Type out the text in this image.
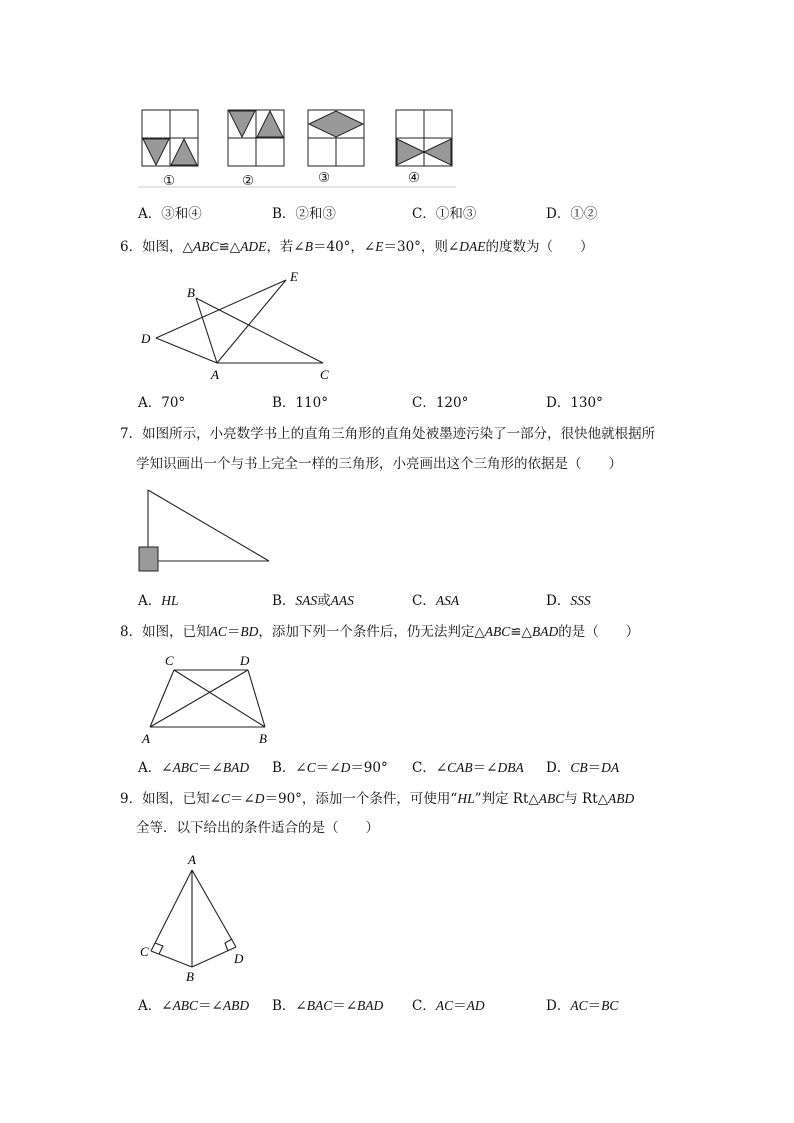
①	②	③	④
A．③和④	B．②和③	C．①和③	D．①②
6．如图，△ABC≌△ADE，若∠B＝40°，∠E＝30°，则∠DAE的度数为（　　）
B
E
D
A	C
A．70°	B．110°	C．120°	D．130°
7．如图所示，小亮数学书上的直角三角形的直角处被墨迹污染了一部分，很快他就根据所
学知识画出一个与书上完全一样的三角形，小亮画出这个三角形的依据是（　　）
A．HL	B．SAS或AAS	C．ASA	D．SSS
8．如图，已知AC＝BD，添加下列一个条件后，仍无法判定△ABC≌△BAD的是（　　）
C	D
A	B
A．∠ABC＝∠BAD B．∠C＝∠D＝90° C．∠CAB＝∠DBA D．CB＝DA
9．如图，已知∠C＝∠D＝90°，添加一个条件，可使用“HL”判定 Rt△ABC与 Rt△ABD
全等．以下给出的条件适合的是（　　）
A
C
B
D
A．∠ABC＝∠ABD B．∠BAC＝∠BAD C．AC＝AD	D．AC＝BC
